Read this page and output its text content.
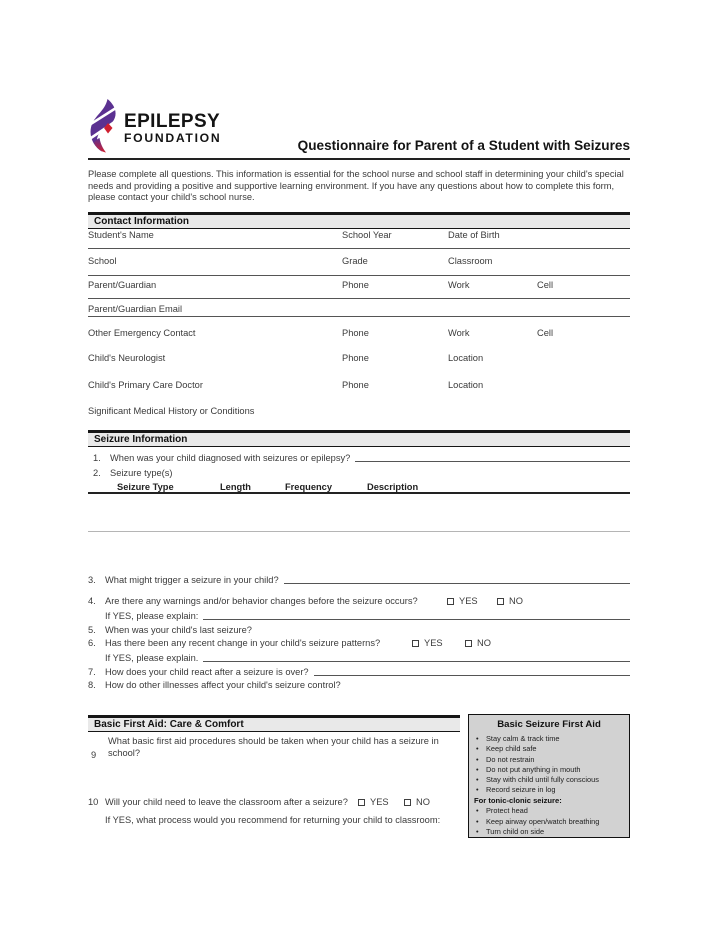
EPILEPSY
FOUNDATION	Questionnaire for Parent of a Student with Seizures
Please complete all questions. This information is essential for the school nurse and school staff in determining your child's special needs and providing a positive and supportive learning environment. If you have any questions about how to complete this form, please contact your child's school nurse.
Contact Information
Student's Name	School Year	Date of Birth
School	Grade	Classroom
Parent/Guardian	Phone	Work	Cell
Parent/Guardian Email
Other Emergency Contact	Phone	Work	Cell
Child's Neurologist	Phone	Location
Child's Primary Care Doctor	Phone	Location
Significant Medical History or Conditions
Seizure Information
1. When was your child diagnosed with seizures or epilepsy?
2. Seizure type(s)
Seizure Type	Length	Frequency	Description
3. What might trigger a seizure in your child?
4. Are there any warnings and/or behavior changes before the seizure occurs?	YES	NO
If YES, please explain:
5. When was your child's last seizure?
6. Has there been any recent change in your child's seizure patterns?	YES	NO
If YES, please explain.
7. How does your child react after a seizure is over?
8. How do other illnesses affect your child's seizure control?
Basic First Aid: Care & Comfort
9
What basic first aid procedures should be taken when your child has a seizure in school?
10 Will your child need to leave the classroom after a seizure? YES	NO
If YES, what process would you recommend for returning your child to classroom:
Basic Seizure First Aid
•	Stay calm & track time
•	Keep child safe
•	Do not restrain
•	Do not put anything in mouth
•	Stay with child until fully conscious
•	Record seizure in log
For tonic-clonic seizure:
•	Protect head
•	Keep airway open/watch breathing
•	Turn child on side
